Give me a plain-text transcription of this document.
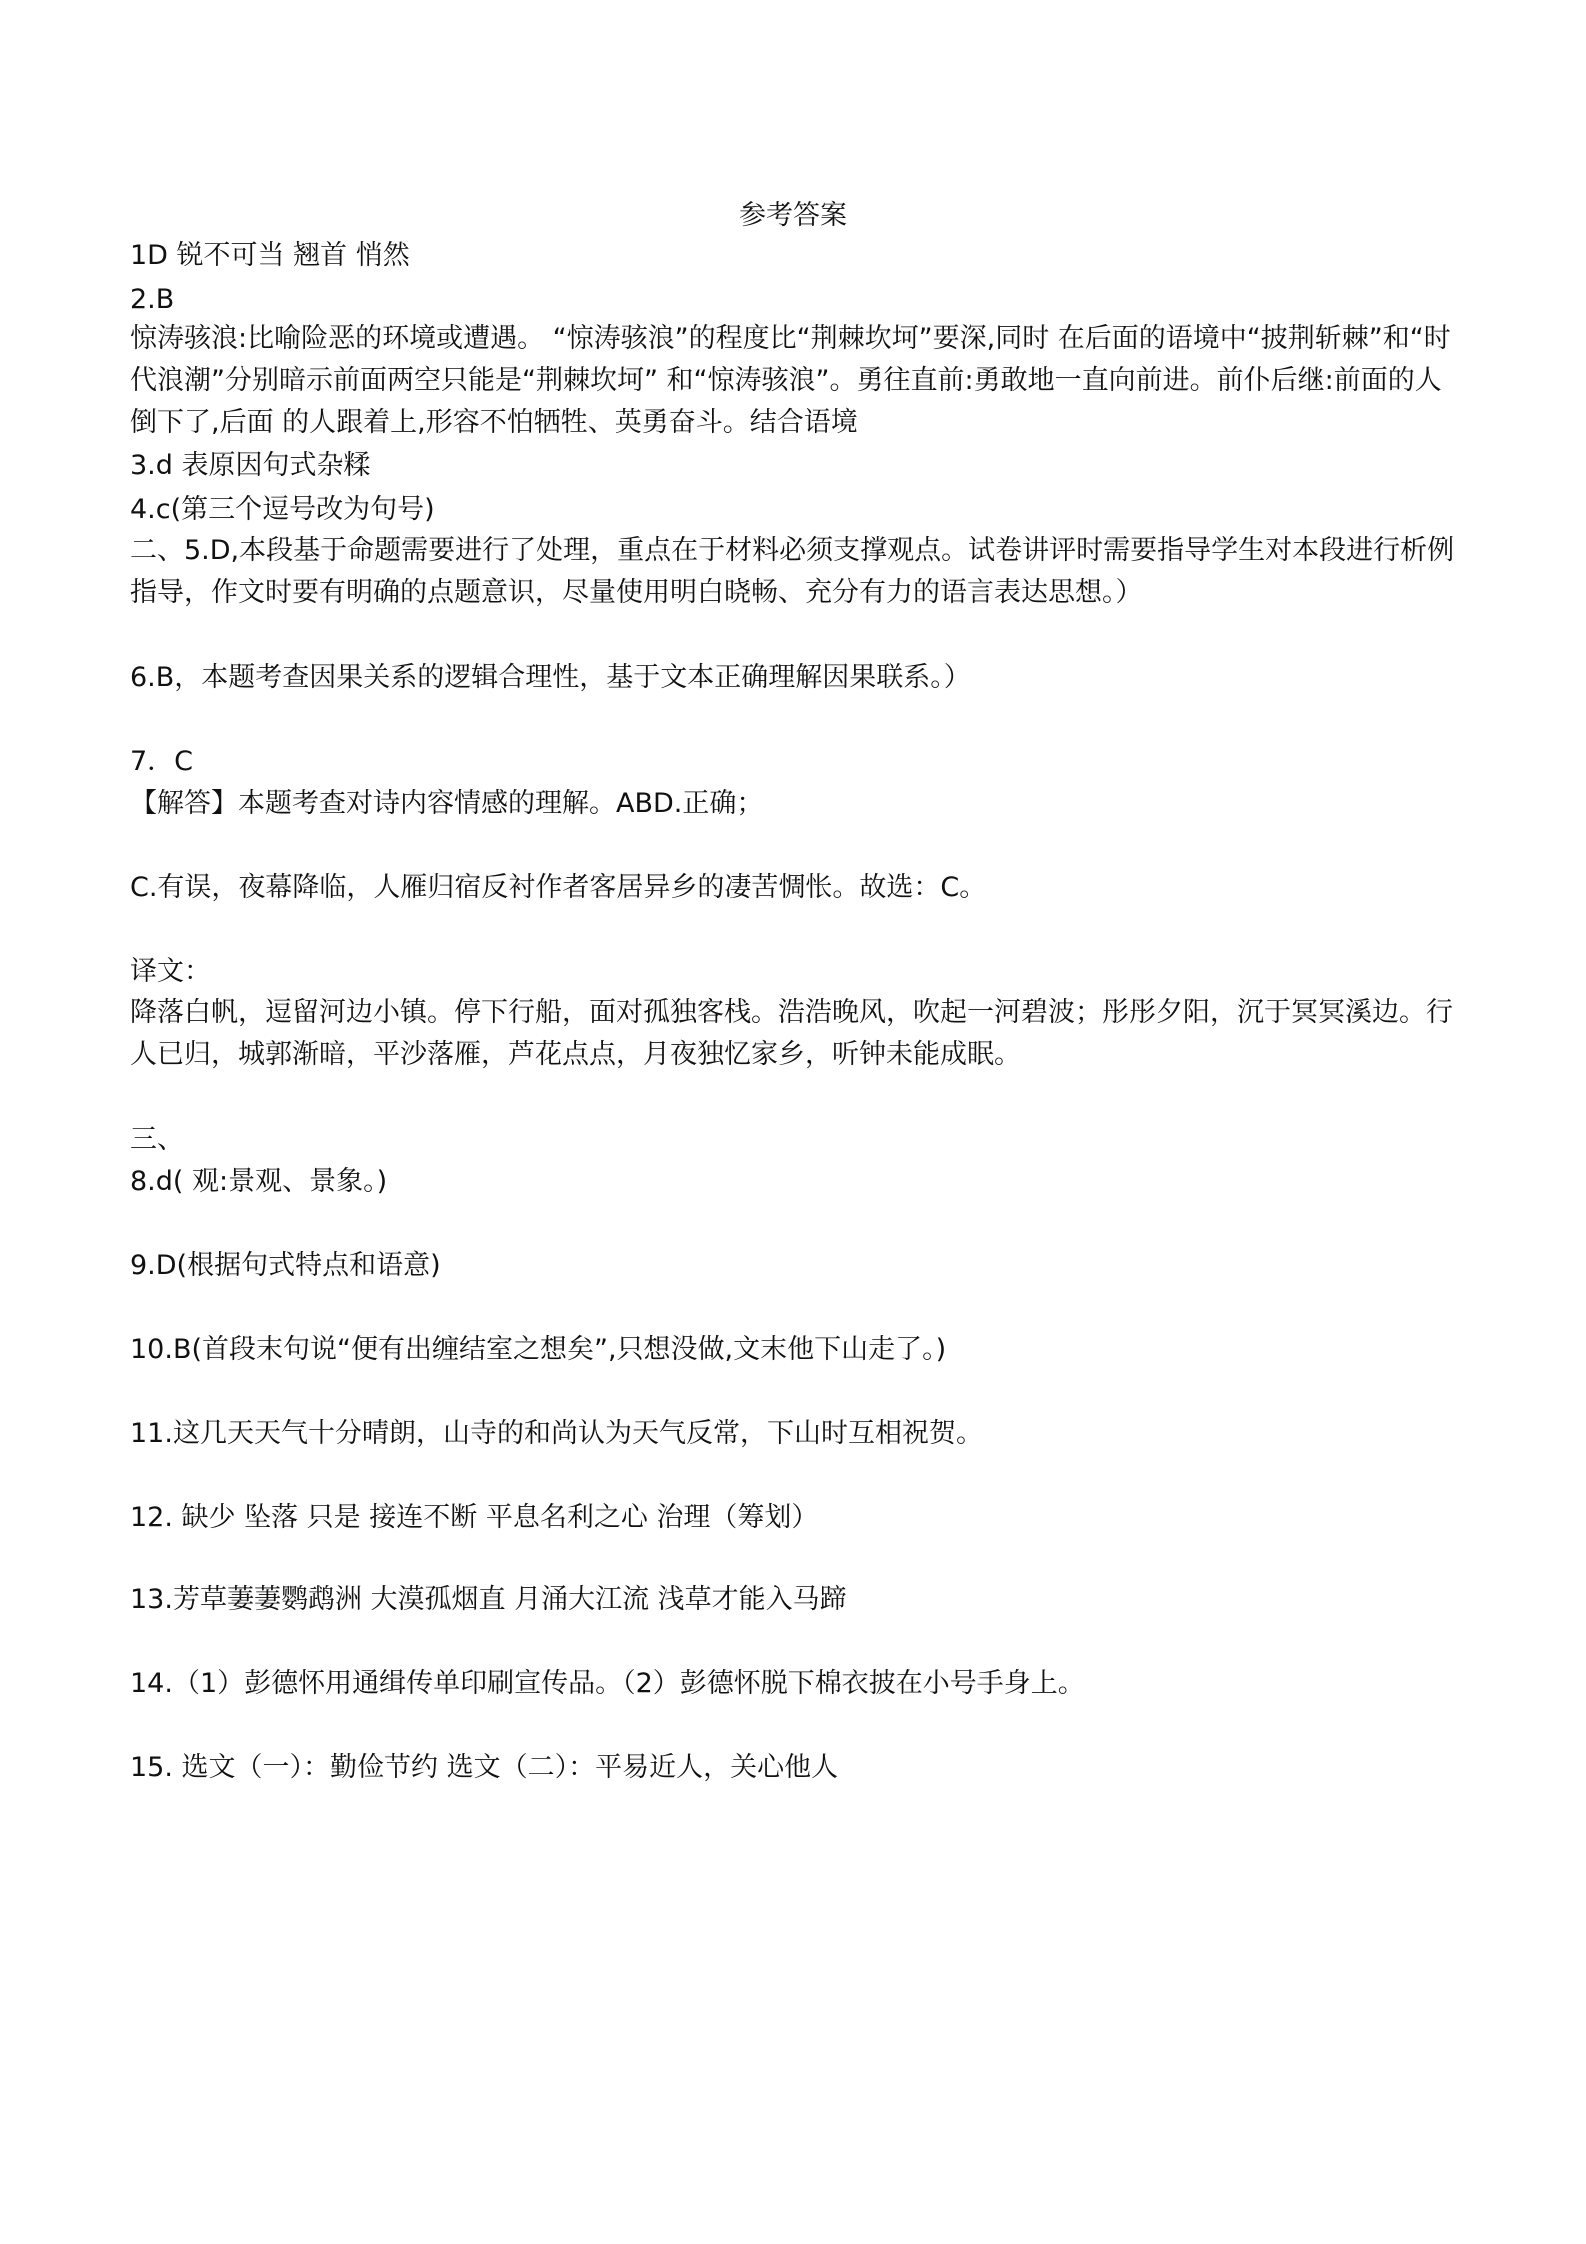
参考答案
1D 锐不可当 翘首 悄然
2.B
惊涛骇浪:比喻险恶的环境或遭遇。 “惊涛骇浪”的程度比“荆棘坎坷”要深,同时 在后面的语境中“披荆斩棘”和“时代浪潮”分别暗示前面两空只能是“荆棘坎坷” 和“惊涛骇浪”。勇往直前:勇敢地一直向前进。前仆后继:前面的人倒下了,后面 的人跟着上,形容不怕牺牲、英勇奋斗。结合语境
3.d 表原因句式杂糅
4.c(第三个逗号改为句号)
二、5.D,本段基于命题需要进行了处理，重点在于材料必须支撑观点。试卷讲评时需要指导学生对本段进行析例指导，作文时要有明确的点题意识，尽量使用明白晓畅、充分有力的语言表达思想。）
6.B，本题考查因果关系的逻辑合理性，基于文本正确理解因果联系。）
7．C
【解答】本题考查对诗内容情感的理解。ABD.正确；
C.有误，夜幕降临，人雁归宿反衬作者客居异乡的凄苦惆怅。故选：C。
译文：
降落白帆，逗留河边小镇。停下行船，面对孤独客栈。浩浩晚风，吹起一河碧波；彤彤夕阳，沉于冥冥溪边。行人已归，城郭渐暗，平沙落雁，芦花点点，月夜独忆家乡，听钟未能成眠。
三、
8.d( 观:景观、景象。)
9.D(根据句式特点和语意)
10.B(首段末句说“便有出缠结室之想矣”,只想没做,文末他下山走了。)
11.这几天天气十分晴朗，山寺的和尚认为天气反常，下山时互相祝贺。
12. 缺少 坠落 只是 接连不断 平息名利之心 治理（筹划）
13.芳草萋萋鹦鹉洲 大漠孤烟直 月涌大江流 浅草才能入马蹄
14.（1）彭德怀用通缉传单印刷宣传品。（2）彭德怀脱下棉衣披在小号手身上。
15. 选文（一）：勤俭节约 选文（二）：平易近人，关心他人
